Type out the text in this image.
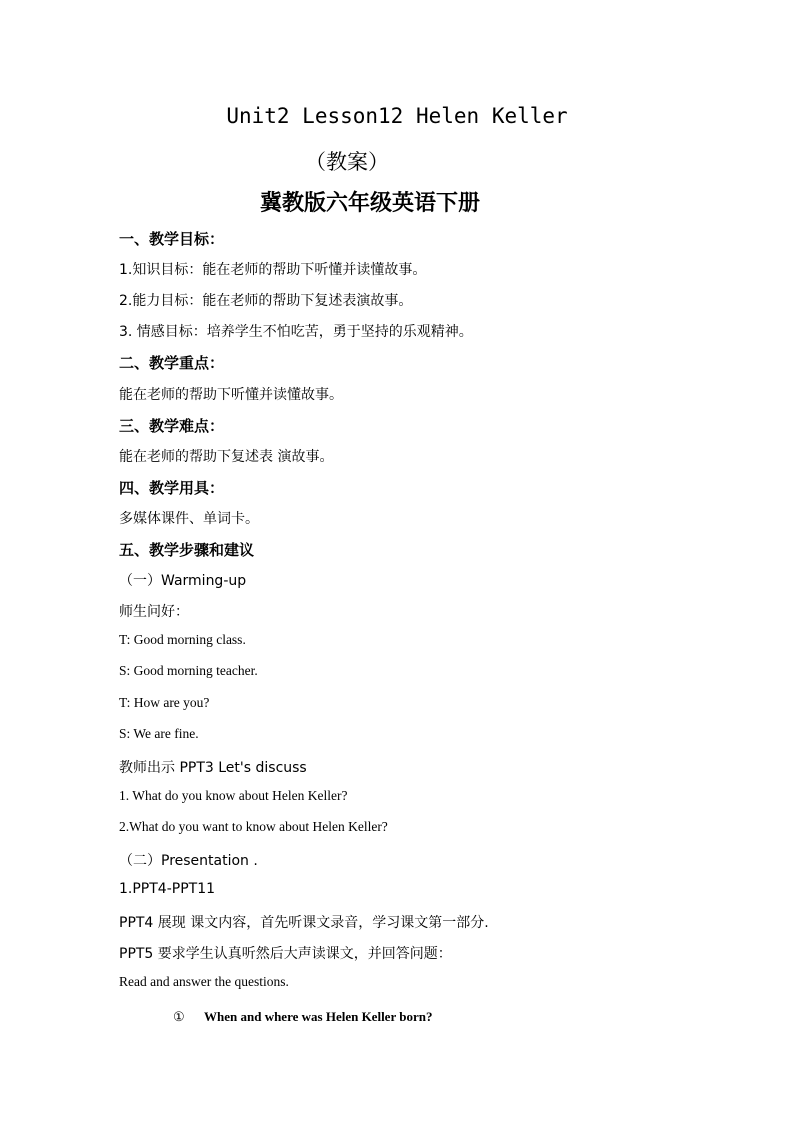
Unit2 Lesson12 Helen Keller
（教案）
冀教版六年级英语下册
一、教学目标：
1.知识目标：能在老师的帮助下听懂并读懂故事。
2.能力目标：能在老师的帮助下复述表演故事。
3. 情感目标：培养学生不怕吃苦，勇于坚持的乐观精神。
二、教学重点：
能在老师的帮助下听懂并读懂故事。
三、教学难点：
能在老师的帮助下复述表 演故事。
四、教学用具：
多媒体课件、单词卡。
五、教学步骤和建议
（一）Warming-up
师生问好：
T: Good morning class.
S: Good morning teacher.
T: How are you?
S: We are fine.
教师出示 PPT3 Let's discuss
1. What do you know about Helen Keller?
2.What do you want to know about Helen Keller?
（二）Presentation .
1.PPT4-PPT11
PPT4 展现 课文内容，首先听课文录音，学习课文第一部分.
PPT5 要求学生认真听然后大声读课文，并回答问题：
Read and answer the questions.
① When and where was Helen Keller born?
